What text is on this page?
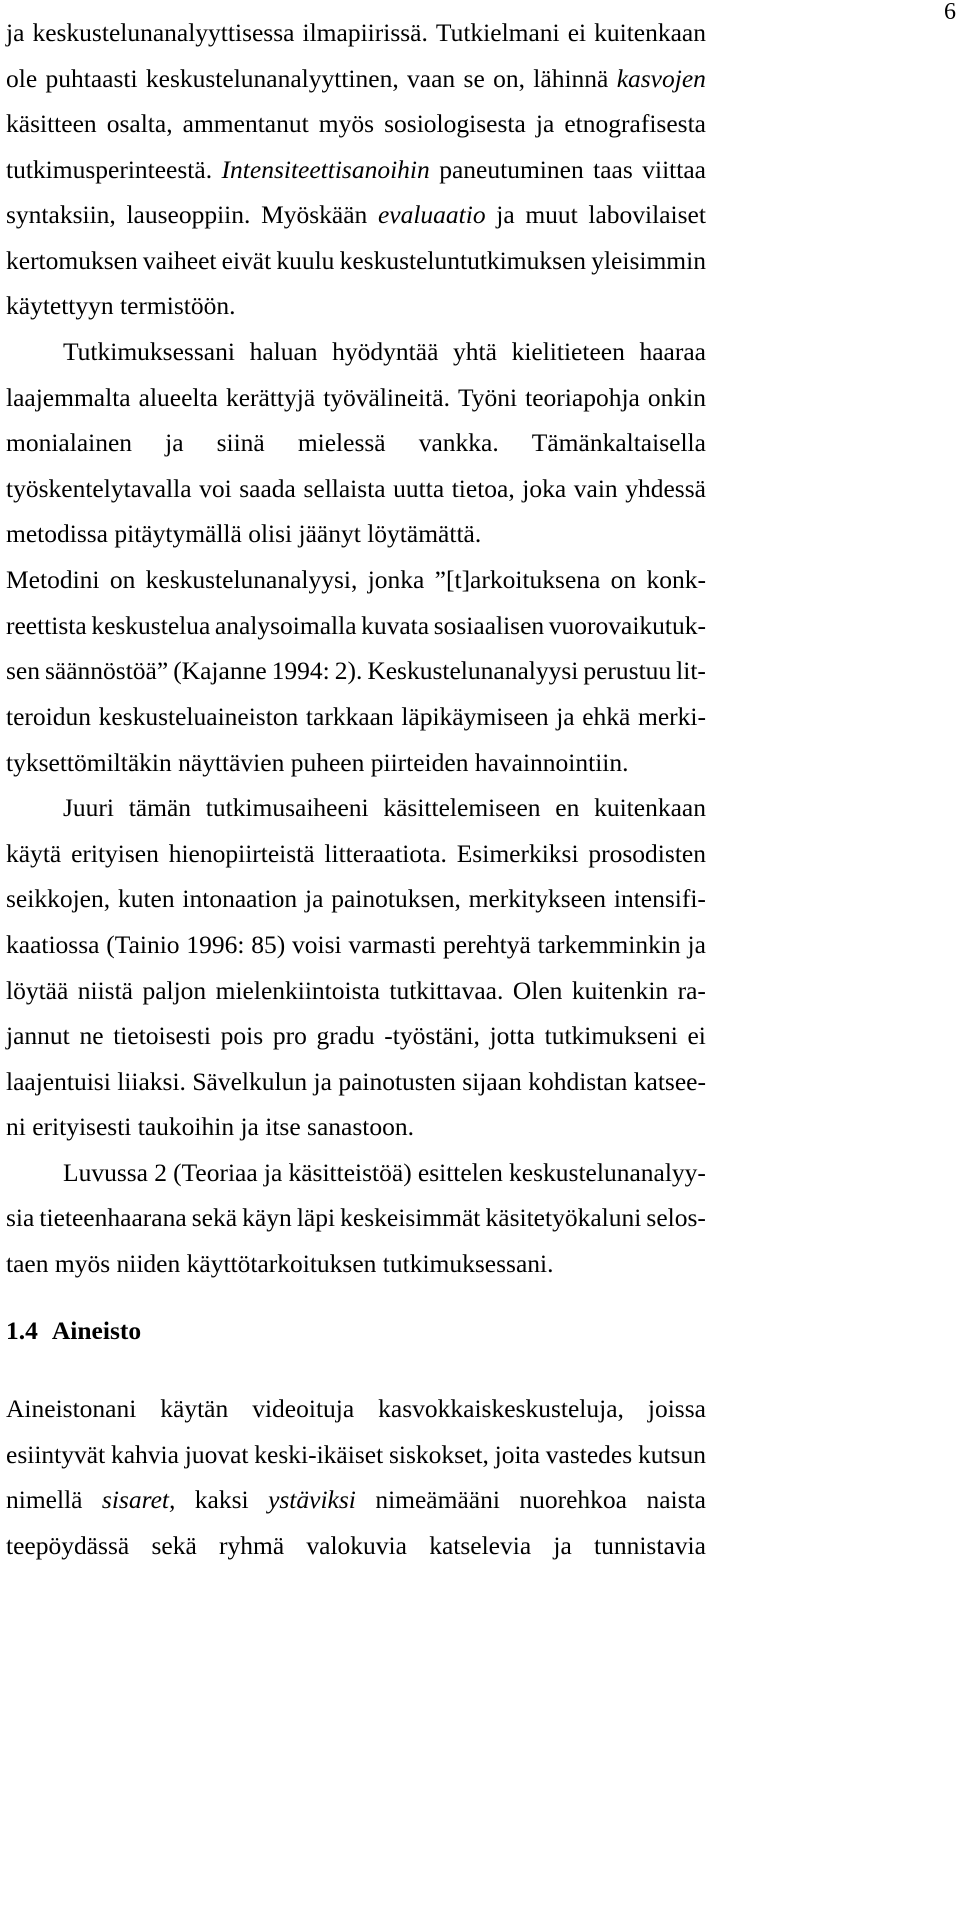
6
ja keskustelunanalyyttisessa ilmapiirissä. Tutkielmani ei kuitenkaan
ole puhtaasti keskustelunanalyyttinen, vaan se on, lähinnä kasvojen
käsitteen osalta, ammentanut myös sosiologisesta ja etnografisesta
tutkimusperinteestä. Intensiteettisanoihin paneutuminen taas viittaa
syntaksiin, lauseoppiin. Myöskään evaluaatio ja muut labovilaiset
kertomuksen vaiheet eivät kuulu keskusteluntutkimuksen yleisimmin
käytettyyn termistöön.
Tutkimuksessani haluan hyödyntää yhtä kielitieteen haaraa
laajemmalta alueelta kerättyjä työvälineitä. Työni teoriapohja onkin
monialainen ja siinä mielessä vankka. Tämänkaltaisella
työskentelytavalla voi saada sellaista uutta tietoa, joka vain yhdessä
metodissa pitäytymällä olisi jäänyt löytämättä.
Metodini on keskustelunanalyysi, jonka ”[t]arkoituksena on konk-
reettista keskustelua analysoimalla kuvata sosiaalisen vuorovaikutuk-
sen säännöstöä” (Kajanne 1994: 2). Keskustelunanalyysi perustuu lit-
teroidun keskusteluaineiston tarkkaan läpikäymiseen ja ehkä merki-
tyksettömiltäkin näyttävien puheen piirteiden havainnointiin.
Juuri tämän tutkimusaiheeni käsittelemiseen en kuitenkaan
käytä erityisen hienopiirteistä litteraatiota. Esimerkiksi prosodisten
seikkojen, kuten intonaation ja painotuksen, merkitykseen intensifi-
kaatiossa (Tainio 1996: 85) voisi varmasti perehtyä tarkemminkin ja
löytää niistä paljon mielenkiintoista tutkittavaa. Olen kuitenkin ra-
jannut ne tietoisesti pois pro gradu -työstäni, jotta tutkimukseni ei
laajentuisi liiaksi. Sävelkulun ja painotusten sijaan kohdistan katsee-
ni erityisesti taukoihin ja itse sanastoon.
Luvussa 2 (Teoriaa ja käsitteistöä) esittelen keskustelunanalyy-
sia tieteenhaarana sekä käyn läpi keskeisimmät käsitetyökaluni selos-
taen myös niiden käyttötarkoituksen tutkimuksessani.
Aineistonani käytän videoituja kasvokkaiskeskusteluja, joissa
esiintyvät kahvia juovat keski-ikäiset siskokset, joita vastedes kutsun
nimellä sisaret, kaksi ystäviksi nimeämääni nuorehkoa naista
teepöydässä sekä ryhmä valokuvia katselevia ja tunnistavia
1.4 Aineisto
